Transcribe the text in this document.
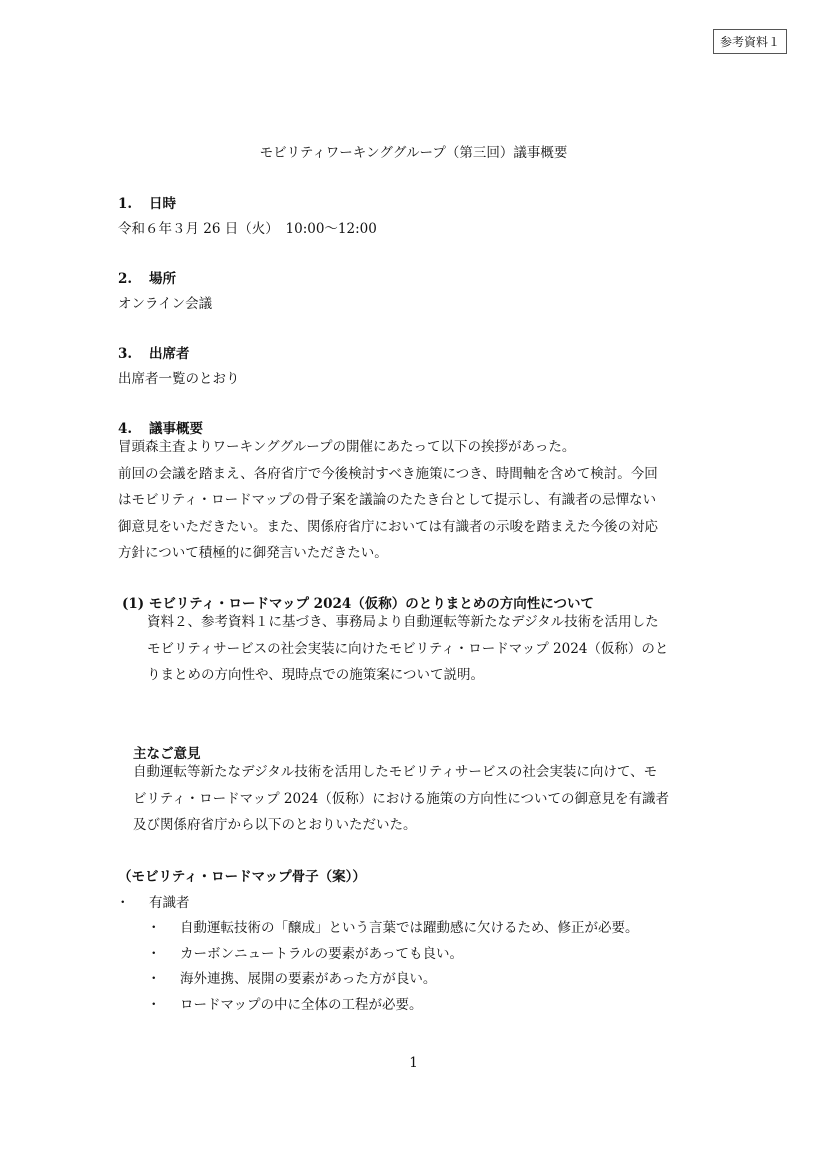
参考資料１
モビリティワーキンググループ（第三回）議事概要
1. 日時
令和６年３月 26 日（火）　10:00～12:00
2. 場所
オンライン会議
3. 出席者
出席者一覧のとおり
4. 議事概要
冒頭森主査よりワーキンググループの開催にあたって以下の挨拶があった。
前回の会議を踏まえ、各府省庁で今後検討すべき施策につき、時間軸を含めて検討。今回
はモビリティ・ロードマップの骨子案を議論のたたき台として提示し、有識者の忌憚ない
御意見をいただきたい。また、関係府省庁においては有識者の示唆を踏まえた今後の対応
方針について積極的に御発言いただきたい。
(1) モビリティ・ロードマップ 2024（仮称）のとりまとめの方向性について
資料２、参考資料１に基づき、事務局より自動運転等新たなデジタル技術を活用した
モビリティサービスの社会実装に向けたモビリティ・ロードマップ 2024（仮称）のと
りまとめの方向性や、現時点での施策案について説明。
主なご意見
自動運転等新たなデジタル技術を活用したモビリティサービスの社会実装に向けて、モ
ビリティ・ロードマップ 2024（仮称）における施策の方向性についての御意見を有識者
及び関係府省庁から以下のとおりいただいた。
（モビリティ・ロードマップ骨子（案））
・ 有識者
・ 自動運転技術の「醸成」という言葉では躍動感に欠けるため、修正が必要。
・ カーボンニュートラルの要素があっても良い。
・ 海外連携、展開の要素があった方が良い。
・ ロードマップの中に全体の工程が必要。
1
